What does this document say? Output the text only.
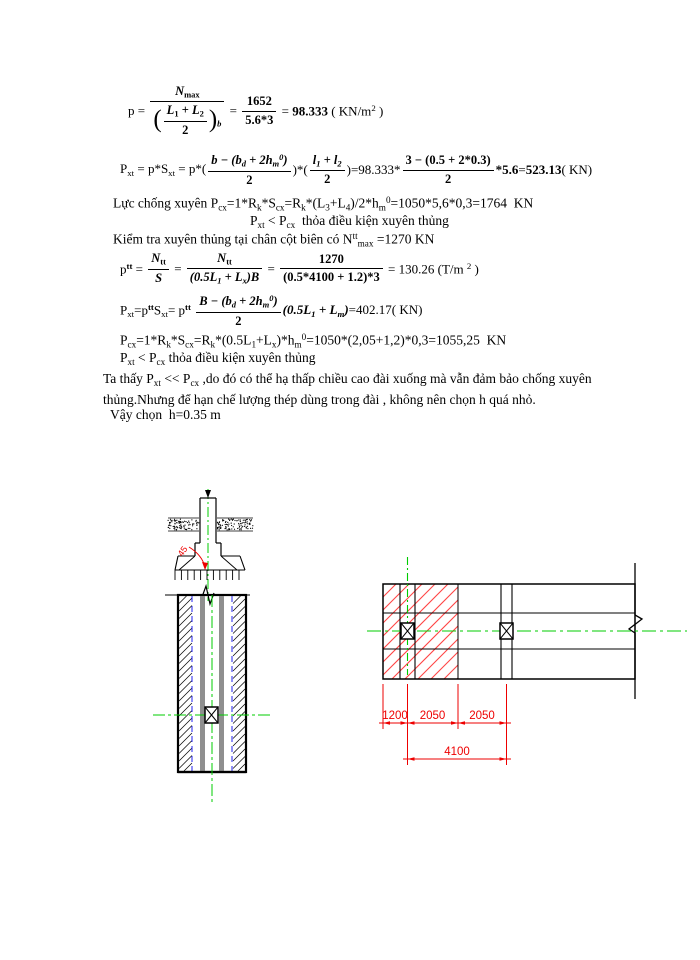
$p = \frac{N_{max}}{( \frac{L_1 + L_2}{2} )_b} = \frac{1652}{5.6*3} = 98.333$ ( $KN/m^2$ )
$P_{xt} = p*S_{xt} = p*( \frac{b - (b_d + 2h_m^0)}{2}$ )*( $\frac{l_1 + l_2}{2} )=98.333* \frac{3 - (0.5 + 2*0.3)}{2} *5.6=523.13$( KN)
Lực chống xuyên $P_{cx}=1*R_k*S_{cx}=R_k*(L_3+L_4)/2*h_m^0=1050*5,6*0,3=1764$  KN
$P_{xt} < P_{cx}$  thỏa điều kiện xuyên thủng
Kiểm tra xuyên thủng tại chân cột biên có $N^{tt}_{max} =1270$ KN
$p^{tt} = \frac{N_{tt}}{S} = \frac{N_{tt}}{(0.5L_1 + L_x)B} = \frac{1270}{(0.5*4100 + 1.2)*3} = 130.26$ (T/m $^2$ )
$P_{xt}=p^{tt}S_{xt}= p^{tt} \frac{B - (b_d + 2h_m^0)}{2} (0.5L_1 + L_m)=402.17$( KN)
$P_{cx}=1*R_k*S_{cx}=R_k*(0.5L_1+L_x)*h_m^0=1050*(2,05+1,2)*0,3=1055,25$  KN
$P_{xt} < P_{cx}$ thỏa điều kiện xuyên thủng
Ta thấy $P_{xt} << P_{cx}$ ,do đó có thể hạ thấp chiều cao đài xuống mà vẫn đảm bảo chống xuyên thủng.Nhưng để hạn chế lượng thép dùng trong đài , không nên chọn h quá nhỏ.
Vậy chọn  h=0.35 m
45
1200 2050 2050
4100
